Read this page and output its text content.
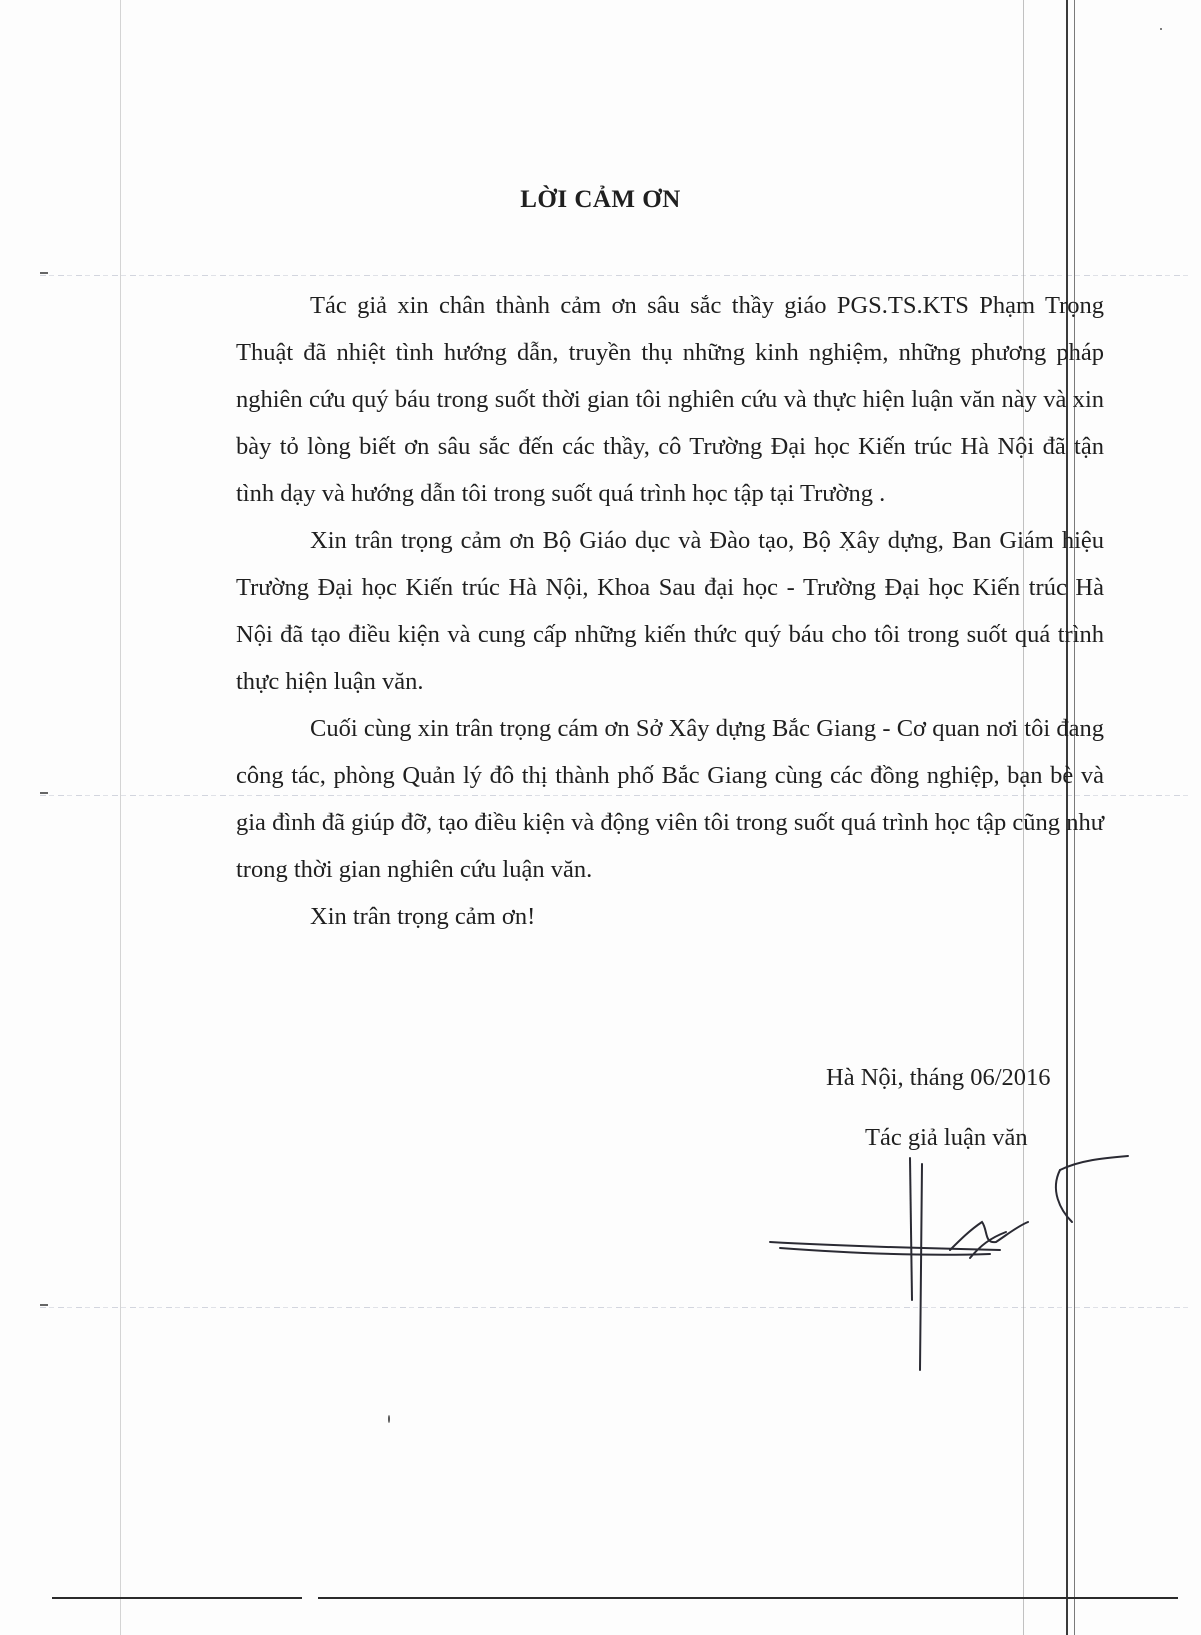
LỜI CẢM ƠN

Tác giả xin chân thành cảm ơn sâu sắc thầy giáo PGS.TS.KTS Phạm Trọng Thuật đã nhiệt tình hướng dẫn, truyền thụ những kinh nghiệm, những phương pháp nghiên cứu quý báu trong suốt thời gian tôi nghiên cứu và thực hiện luận văn này và xin bày tỏ lòng biết ơn sâu sắc đến các thầy, cô Trường Đại học Kiến trúc Hà Nội đã tận tình dạy và hướng dẫn tôi trong suốt quá trình học tập tại Trường .

Xin trân trọng cảm ơn Bộ Giáo dục và Đào tạo, Bộ Xây dựng, Ban Giám hiệu Trường Đại học Kiến trúc Hà Nội, Khoa Sau đại học - Trường Đại học Kiến trúc Hà Nội đã tạo điều kiện và cung cấp những kiến thức quý báu cho tôi trong suốt quá trình thực hiện luận văn.

Cuối cùng xin trân trọng cám ơn Sở Xây dựng Bắc Giang - Cơ quan nơi tôi đang công tác, phòng Quản lý đô thị thành phố Bắc Giang cùng các đồng nghiệp, bạn bè và gia đình đã giúp đỡ, tạo điều kiện và động viên tôi trong suốt quá trình học tập cũng như trong thời gian nghiên cứu luận văn.

Xin trân trọng cảm ơn!

Hà Nội, tháng 06/2016
Tác giả luận văn
